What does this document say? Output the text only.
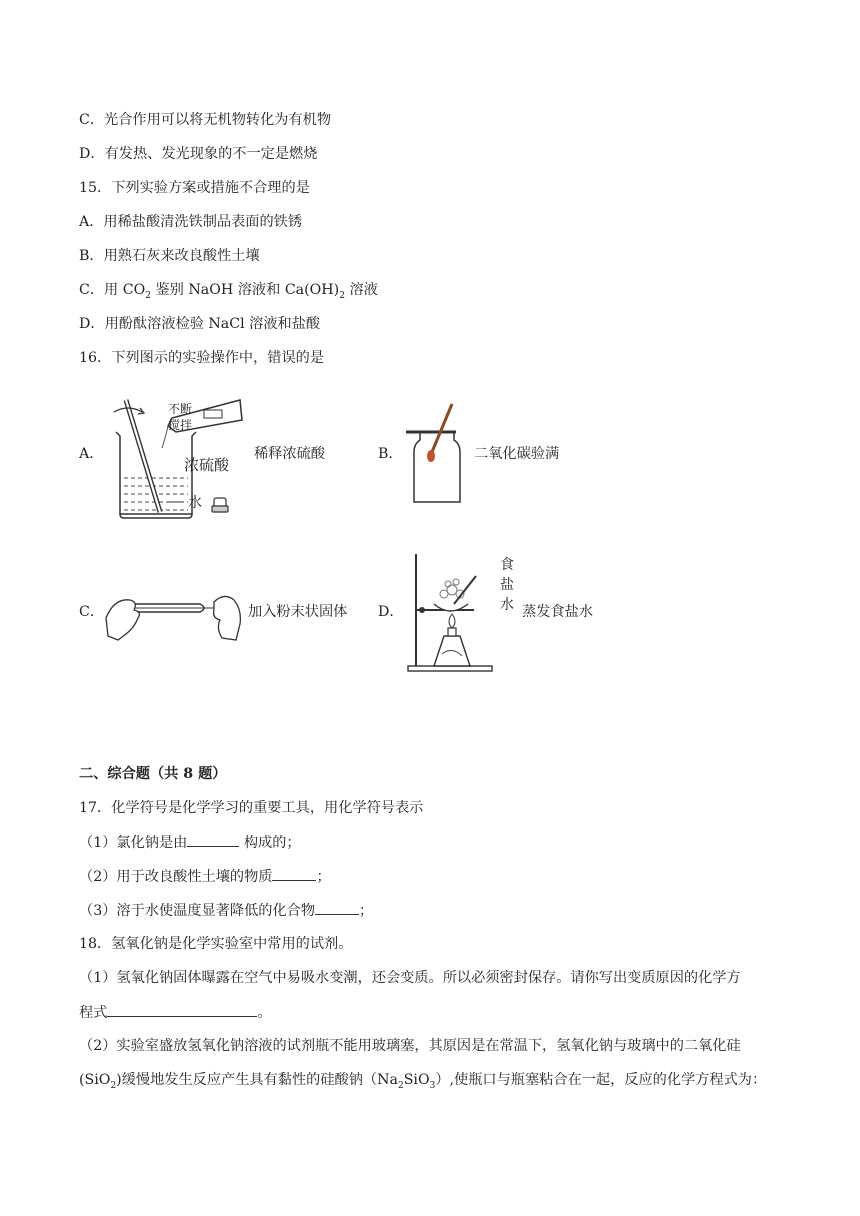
C．光合作用可以将无机物转化为有机物
D．有发热、发光现象的不一定是燃烧
15．下列实验方案或措施不合理的是
A．用稀盐酸清洗铁制品表面的铁锈
B．用熟石灰来改良酸性土壤
C．用 $CO_2$ 鉴别 NaOH 溶液和 $Ca(OH)_2$ 溶液
D．用酚酞溶液检验 NaCl 溶液和盐酸
16．下列图示的实验操作中，错误的是
A．
不断
搅拌
浓硫酸
水
稀释浓硫酸	B．	二氧化碳验满
C．	加入粉末状固体 D．
食
盐
水 蒸发食盐水
二、综合题（共 8 题）
17．化学符号是化学学习的重要工具，用化学符号表示
（1）氯化钠是由	构成的；
（2）用于改良酸性土壤的物质	；
（3）溶于水使温度显著降低的化合物	；
18．氢氧化钠是化学实验室中常用的试剂。
（1）氢氧化钠固体曝露在空气中易吸水变潮，还会变质。所以必须密封保存。请你写出变质原因的化学方
程式	。
（2）实验室盛放氢氧化钠溶液的试剂瓶不能用玻璃塞，其原因是在常温下，氢氧化钠与玻璃中的二氧化硅
(SiO$_2$)缓慢地发生反应产生具有黏性的硅酸钠$(Na_2SiO_3)$,使瓶口与瓶塞粘合在一起，反应的化学方程式为：
